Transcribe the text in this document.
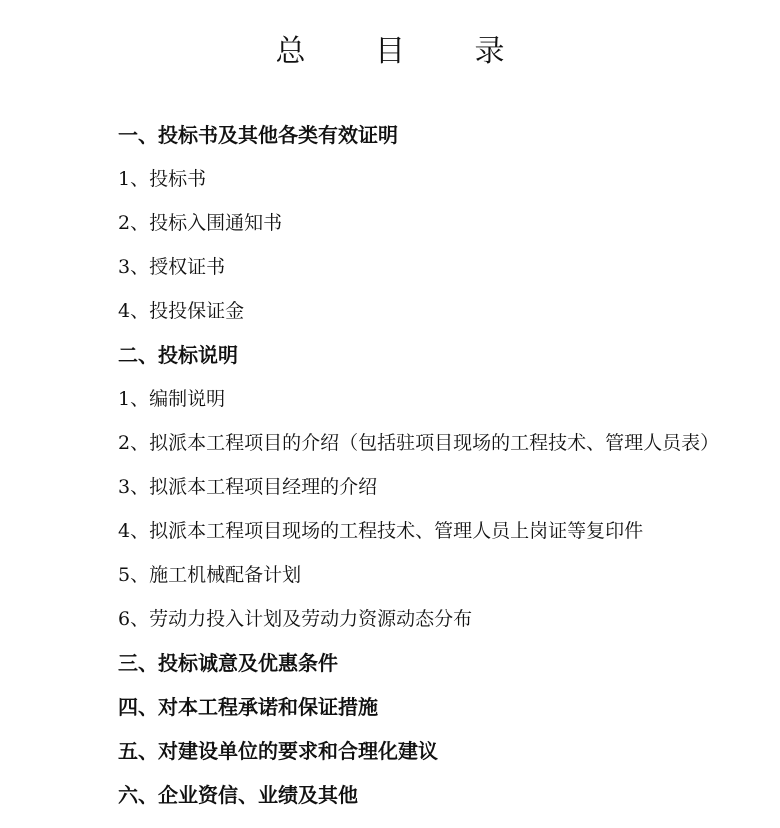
总 目 录
一、投标书及其他各类有效证明
1、投标书
2、投标入围通知书
3、授权证书
4、投投保证金
二、投标说明
1、编制说明
2、拟派本工程项目的介绍（包括驻项目现场的工程技术、管理人员表）
3、拟派本工程项目经理的介绍
4、拟派本工程项目现场的工程技术、管理人员上岗证等复印件
5、施工机械配备计划
6、劳动力投入计划及劳动力资源动态分布
三、投标诚意及优惠条件
四、对本工程承诺和保证措施
五、对建设单位的要求和合理化建议
六、企业资信、业绩及其他
